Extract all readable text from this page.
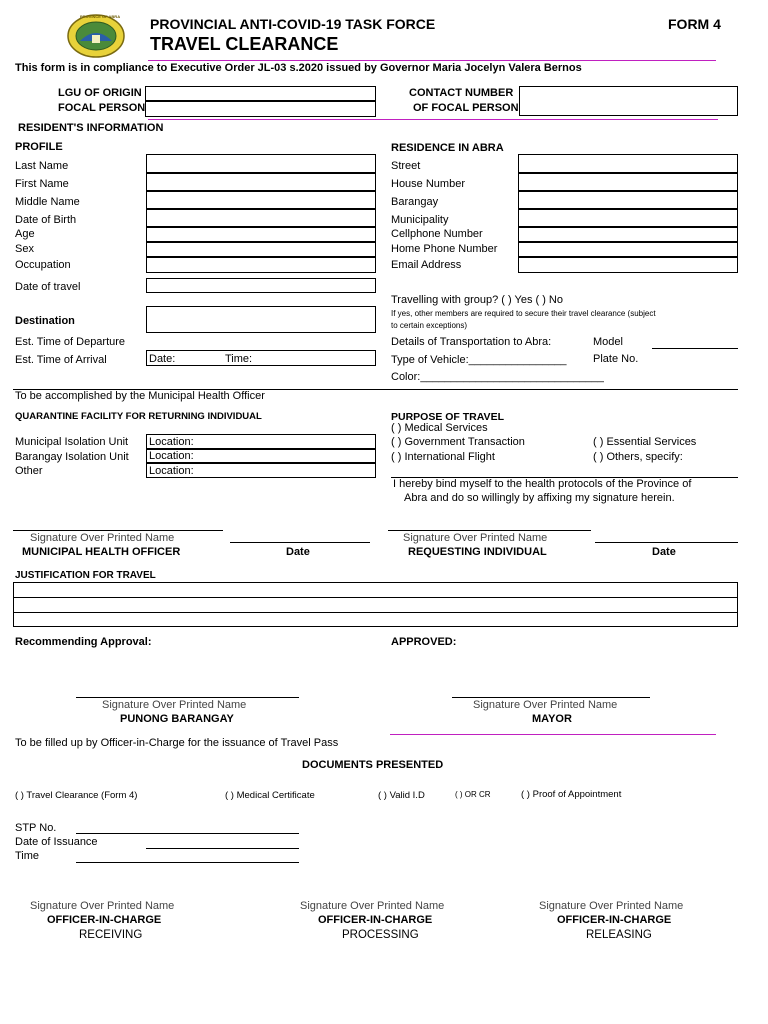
PROVINCE OF ABRA PROVINCIAL ANTI-COVID-19 TASK FORCE
TRAVEL CLEARANCE
FORM 4
This form is in compliance to Executive Order JL-03 s.2020 issued by Governor Maria Jocelyn Valera Bernos
LGU OF ORIGIN
FOCAL PERSON
CONTACT NUMBER
OF FOCAL PERSON
RESIDENT'S INFORMATION
PROFILE
Last Name
First Name
Middle Name
Date of Birth
Age
Sex
Occupation
Date of travel
Destination
Est. Time of Departure
Est. Time of Arrival	Date:	Time:
RESIDENCE IN ABRA
Street
House Number
Barangay
Municipality
Cellphone Number
Home Phone Number
Email Address
Travelling with group? ( ) Yes ( ) No
If yes, other members are required to secure their travel clearance (subject
to certain exceptions)
Details of Transportation to Abra:	Model
Type of Vehicle:________________ Plate No.
Color:______________________________
To be accomplished by the Municipal Health Officer
QUARANTINE FACILITY FOR RETURNING INDIVIDUAL
Municipal Isolation Unit
Barangay Isolation Unit
Other
Location:
Location:
Location:
PURPOSE OF TRAVEL
( ) Medical Services
( ) Government Transaction	( ) Essential Services
( ) International Flight	( ) Others, specify:
I hereby bind myself to the health protocols of the Province of
Abra and do so willingly by affixing my signature herein.
Signature Over Printed Name
MUNICIPAL HEALTH OFFICER	Date
Signature Over Printed Name
REQUESTING INDIVIDUAL	Date
JUSTIFICATION FOR TRAVEL
Recommending Approval:	APPROVED:
Signature Over Printed Name
PUNONG BARANGAY
Signature Over Printed Name
MAYOR
To be filled up by Officer-in-Charge for the issuance of Travel Pass
DOCUMENTS PRESENTED
( ) Travel Clearance (Form 4)	( ) Medical Certificate	( ) Valid I.D	( ) OR CR	( ) Proof of Appointment
STP No.
Date of Issuance
Time
Signature Over Printed Name
OFFICER-IN-CHARGE
RECEIVING
Signature Over Printed Name
OFFICER-IN-CHARGE
PROCESSING
Signature Over Printed Name
OFFICER-IN-CHARGE
RELEASING
